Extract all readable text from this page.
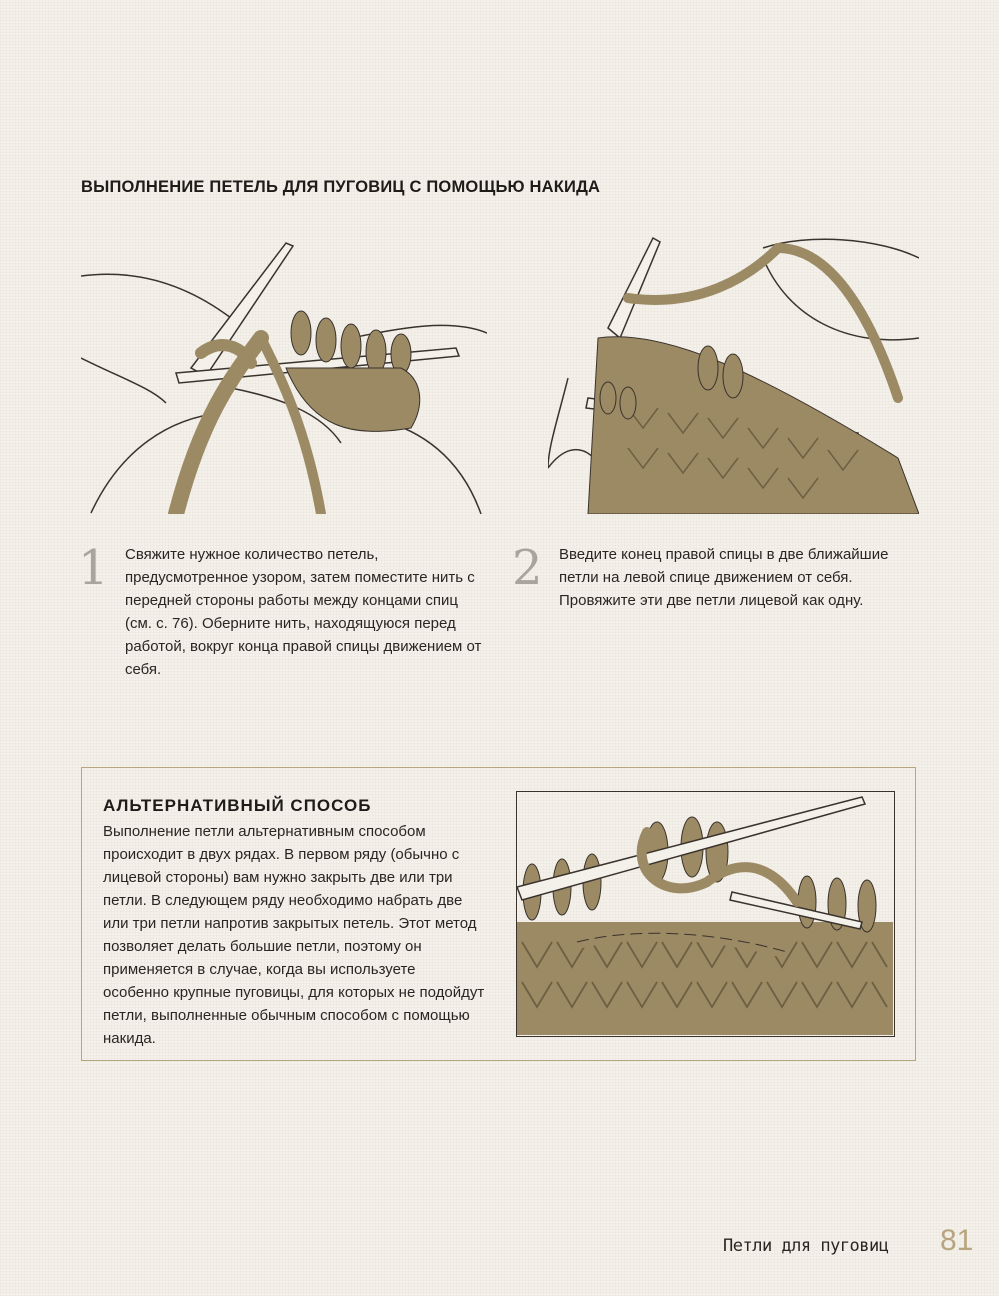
ВЫПОЛНЕНИЕ ПЕТЕЛЬ ДЛЯ ПУГОВИЦ С ПОМОЩЬЮ НАКИДА
1 Свяжите нужное количество петель, предусмотренное узором, затем поместите нить с передней стороны работы между концами спиц (см. с. 76). Оберните нить, находящуюся перед работой, вокруг конца правой спицы движением от себя.
2 Введите конец правой спицы в две ближайшие петли на левой спице движением от себя. Провяжите эти две петли лицевой как одну.
АЛЬТЕРНАТИВНЫЙ СПОСОБ
Выполнение петли альтернативным способом происходит в двух рядах. В первом ряду (обычно с лицевой стороны) вам нужно закрыть две или три петли. В следующем ряду необходимо набрать две или три петли напротив закрытых петель. Этот метод позволяет делать большие петли, поэтому он применяется в случае, когда вы используете особенно крупные пуговицы, для которых не подойдут петли, выполненные обычным способом с помощью накида.
Петли для пуговиц 81
